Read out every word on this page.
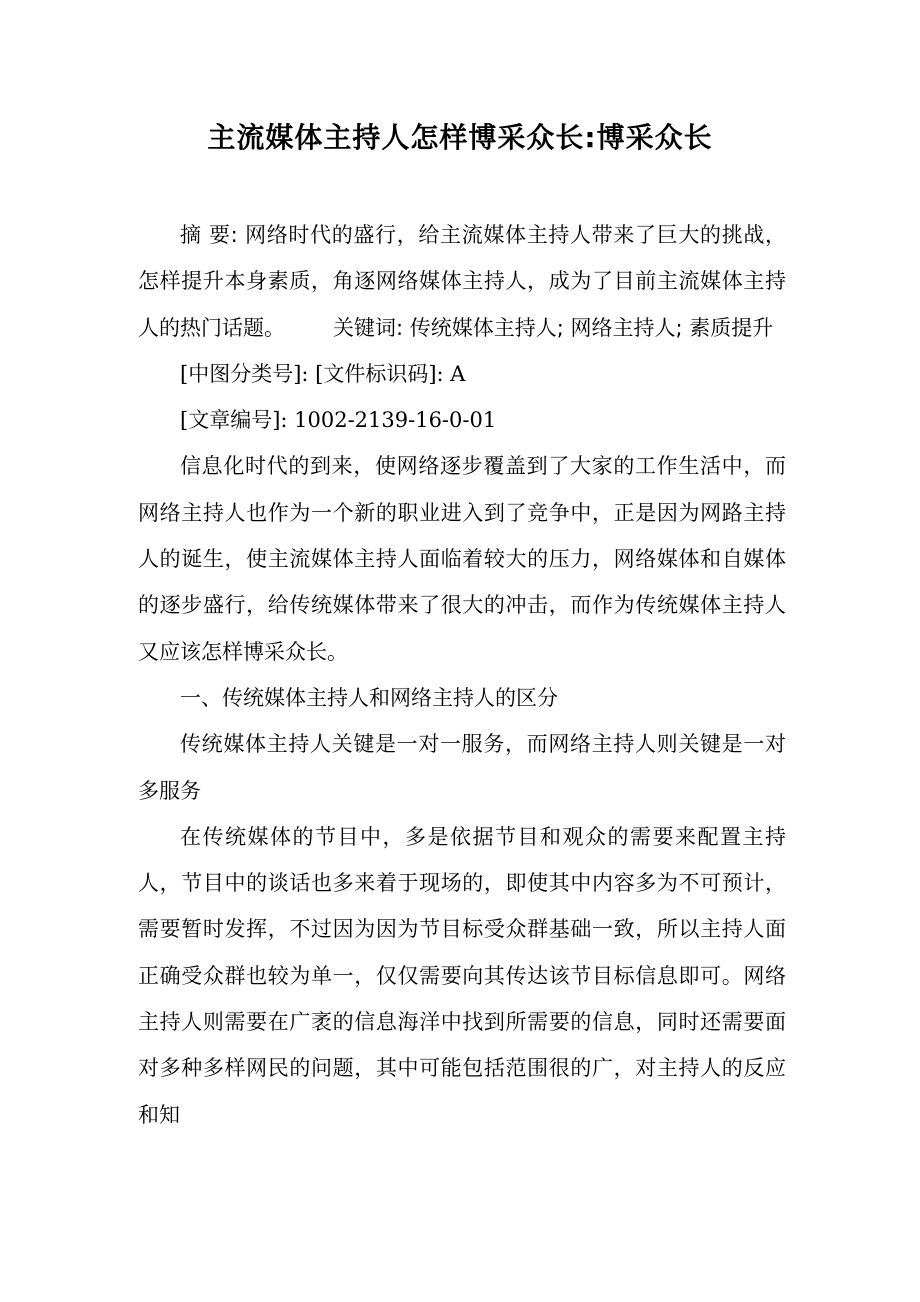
主流媒体主持人怎样博采众长:博采众长

摘 要: 网络时代的盛行，给主流媒体主持人带来了巨大的挑战，怎样提升本身素质，角逐网络媒体主持人，成为了目前主流媒体主持人的热门话题。 关键词: 传统媒体主持人; 网络主持人; 素质提升

[中图分类号]: [文件标识码]: A

[文章编号]: 1002-2139-16-0-01

信息化时代的到来，使网络逐步覆盖到了大家的工作生活中，而网络主持人也作为一个新的职业进入到了竞争中，正是因为网路主持人的诞生，使主流媒体主持人面临着较大的压力，网络媒体和自媒体的逐步盛行，给传统媒体带来了很大的冲击，而作为传统媒体主持人又应该怎样博采众长。

一、传统媒体主持人和网络主持人的区分

传统媒体主持人关键是一对一服务，而网络主持人则关键是一对多服务

在传统媒体的节目中，多是依据节目和观众的需要来配置主持人，节目中的谈话也多来着于现场的，即使其中内容多为不可预计，需要暂时发挥，不过因为因为节目标受众群基础一致，所以主持人面正确受众群也较为单一，仅仅需要向其传达该节目标信息即可。网络主持人则需要在广袤的信息海洋中找到所需要的信息，同时还需要面对多种多样网民的问题，其中可能包括范围很的广，对主持人的反应和知
